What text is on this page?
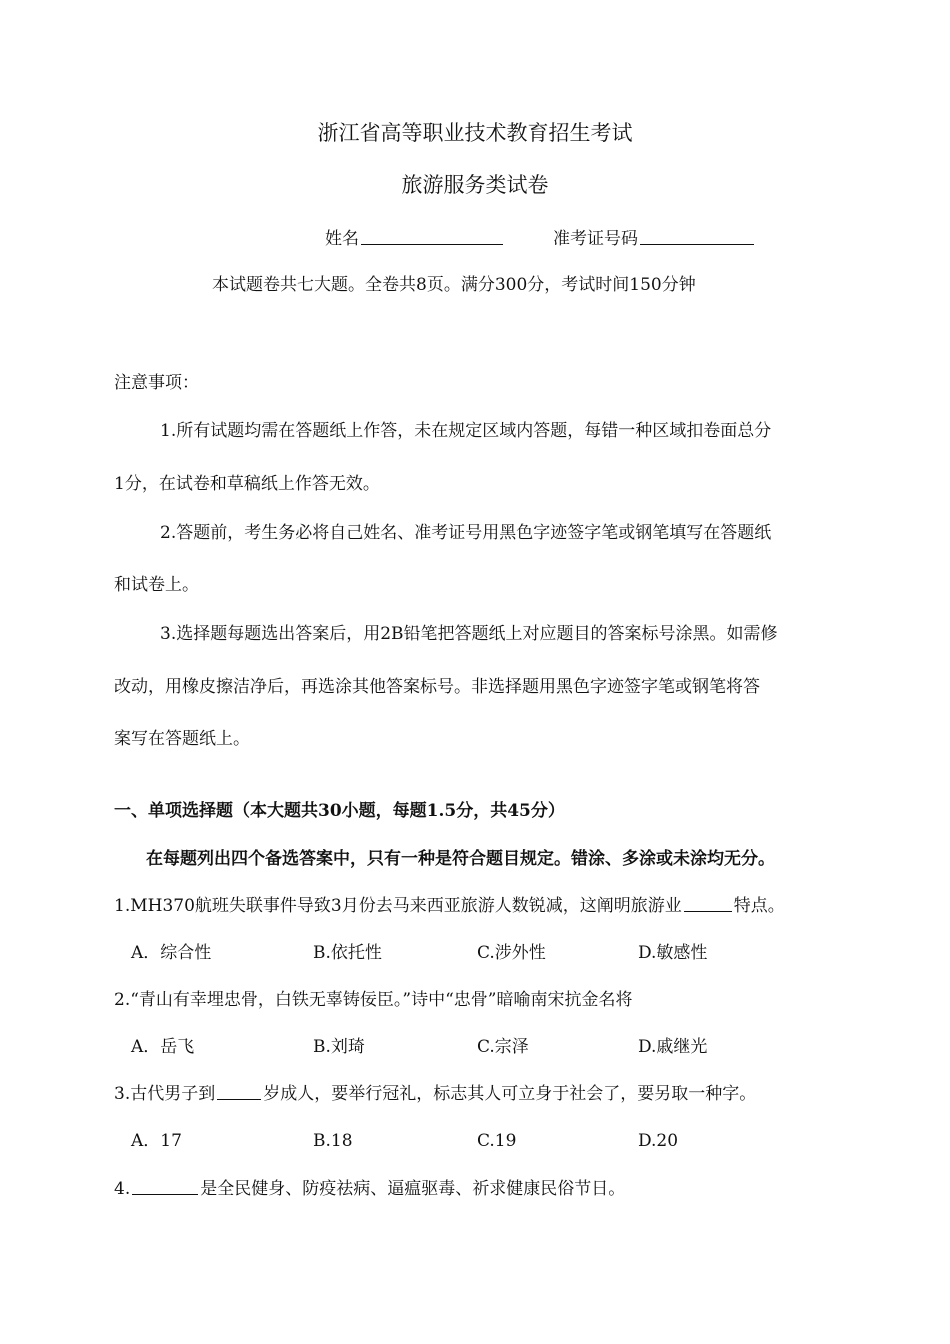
浙江省高等职业技术教育招生考试
旅游服务类试卷
姓名	准考证号码
本试题卷共七大题。全卷共8页。满分300分，考试时间150分钟
注意事项：
1.所有试题均需在答题纸上作答，未在规定区域内答题，每错一种区域扣卷面总分
1分，在试卷和草稿纸上作答无效。
2.答题前，考生务必将自己姓名、准考证号用黑色字迹签字笔或钢笔填写在答题纸
和试卷上。
3.选择题每题选出答案后，用2B铅笔把答题纸上对应题目的答案标号涂黑。如需修
改动，用橡皮擦洁净后，再选涂其他答案标号。非选择题用黑色字迹签字笔或钢笔将答
案写在答题纸上。
一、单项选择题（本大题共30小题，每题1.5分，共45分）
在每题列出四个备选答案中，只有一种是符合题目规定。错涂、多涂或未涂均无分。
1.MH370航班失联事件导致3月份去马来西亚旅游人数锐减，这阐明旅游业	特点。
A．综合性	B.依托性	C.涉外性	D.敏感性
2.“青山有幸埋忠骨，白铁无辜铸佞臣。”诗中“忠骨”暗喻南宋抗金名将
A．岳飞	B.刘琦	C.宗泽	D.戚继光
3.古代男子到	岁成人，要举行冠礼，标志其人可立身于社会了，要另取一种字。
A．17	B.18	C.19	D.20
4.	是全民健身、防疫祛病、逼瘟驱毒、祈求健康民俗节日。
